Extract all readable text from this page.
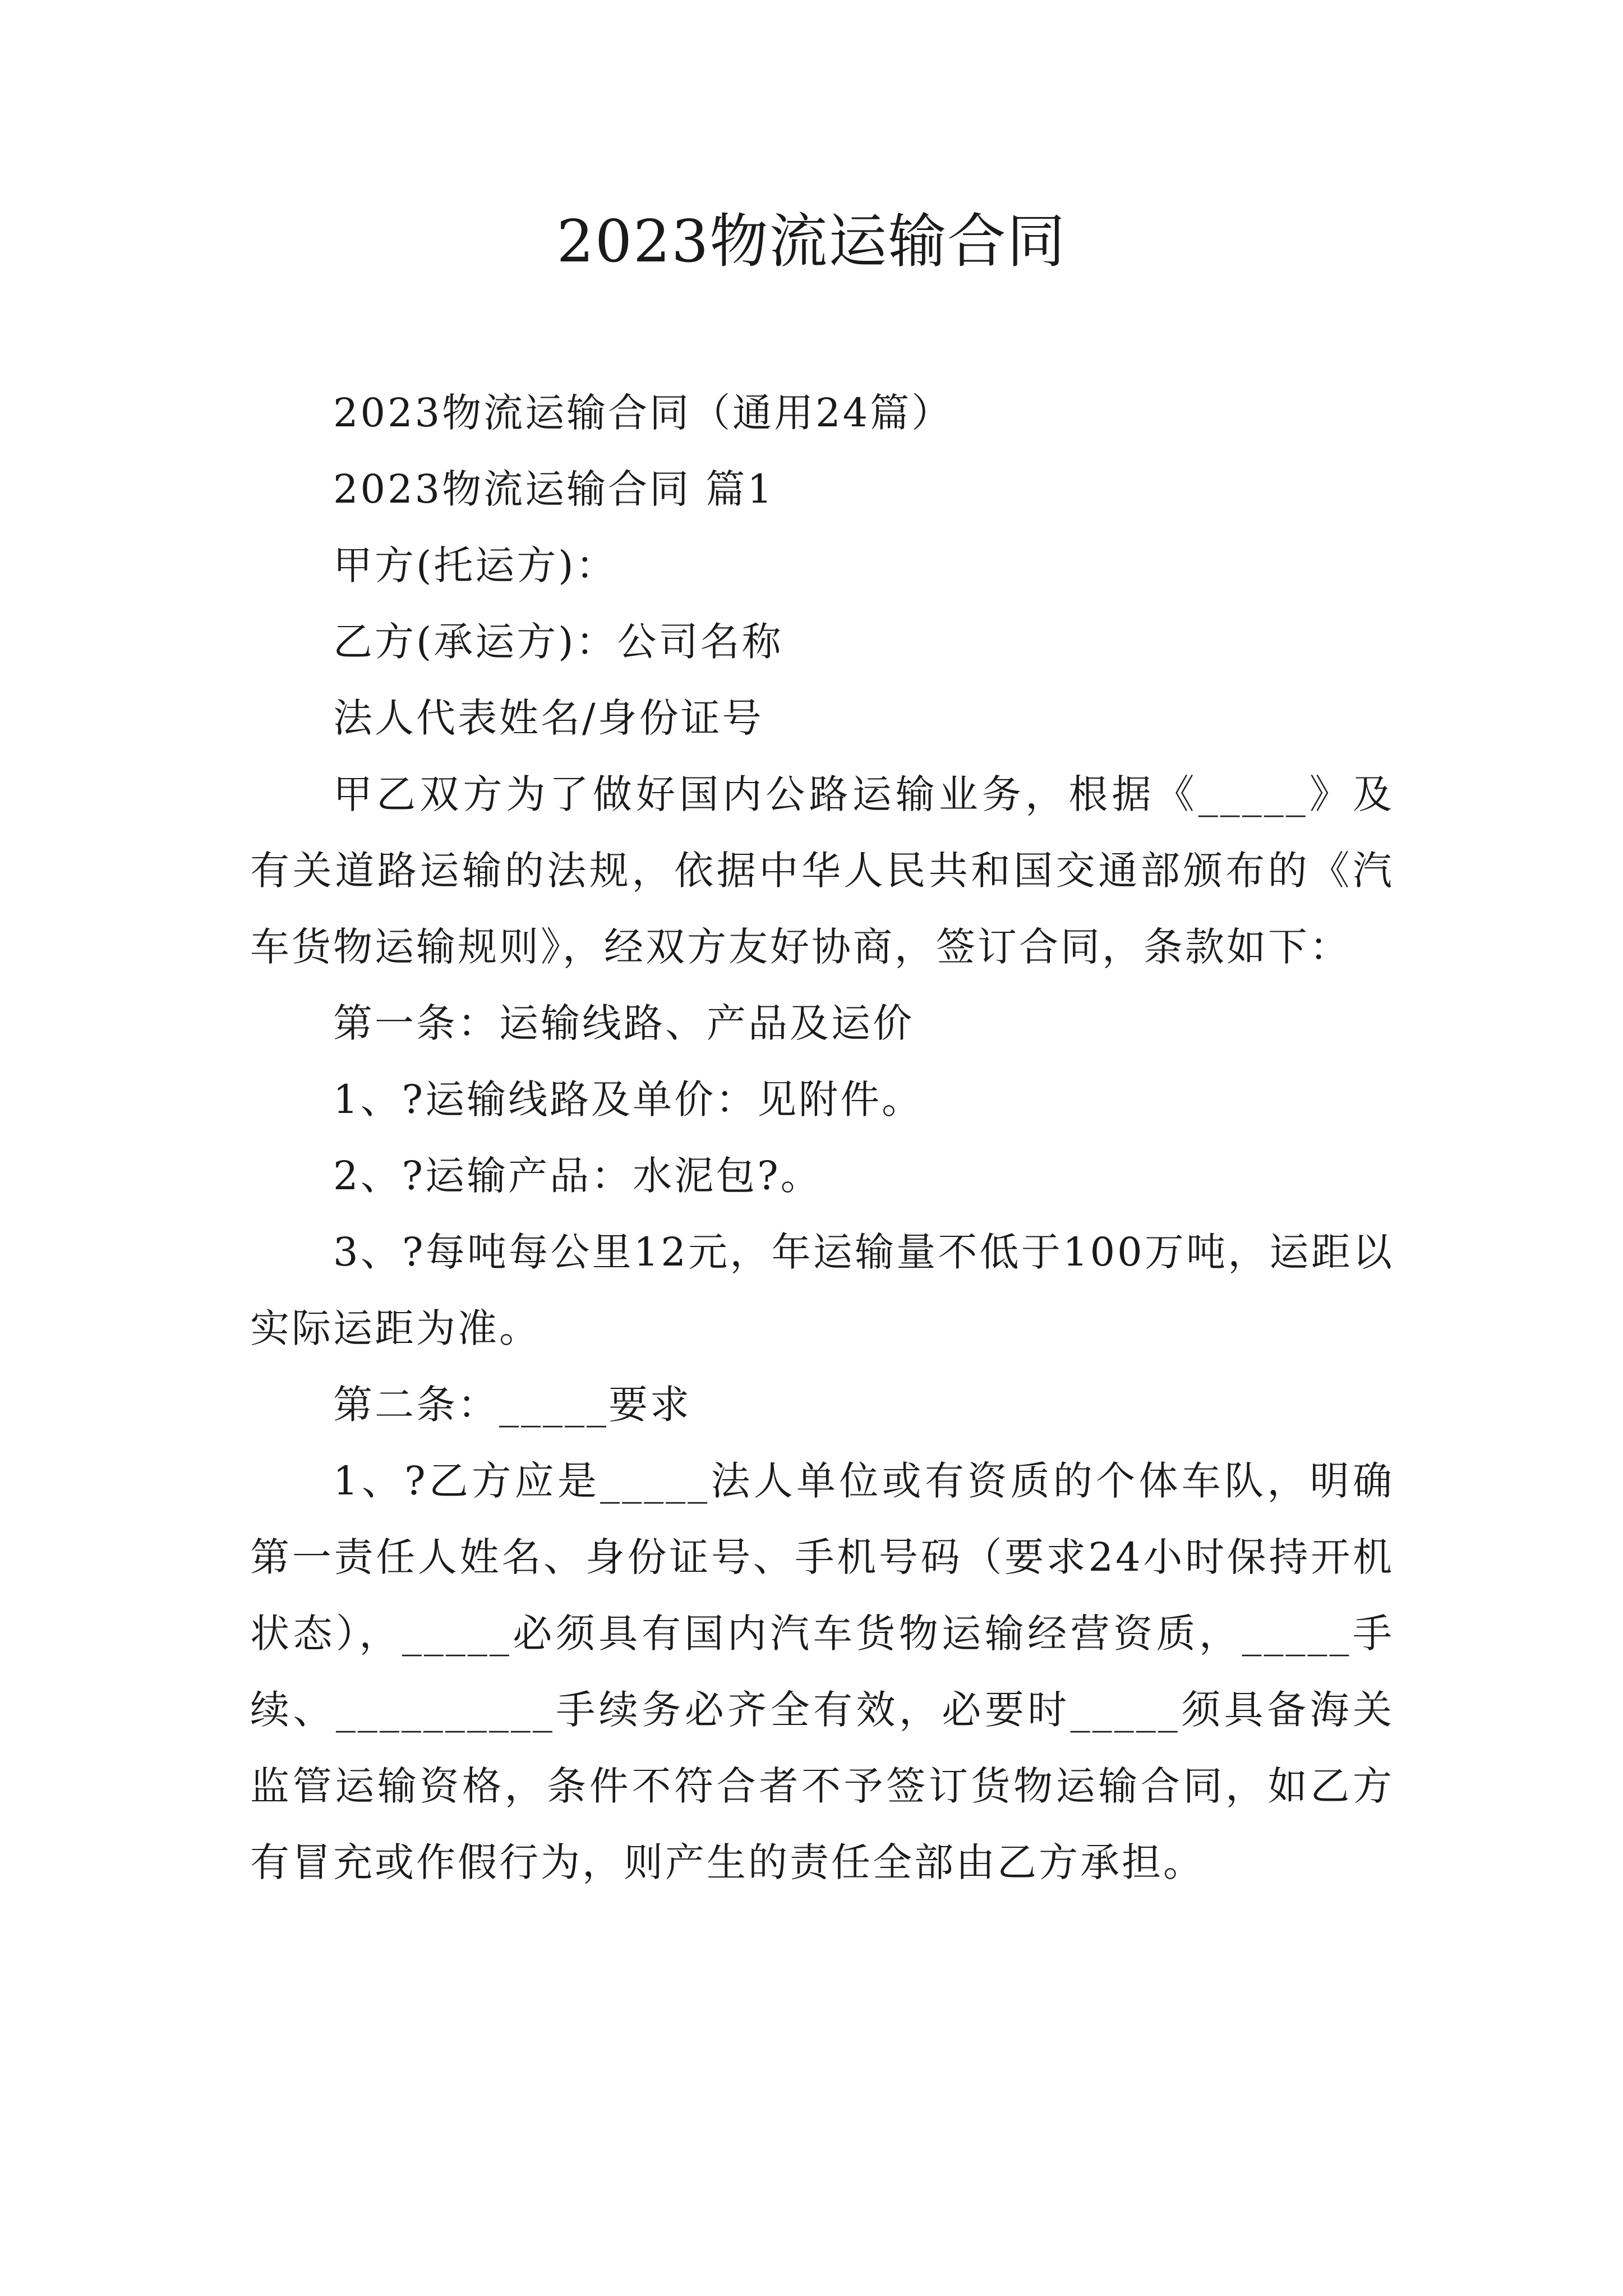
2023物流运输合同

2023物流运输合同（通用24篇）

2023物流运输合同 篇1

甲方(托运方)：

乙方(承运方)：公司名称

法人代表姓名/身份证号

甲乙双方为了做好国内公路运输业务，根据《_____》及有关道路运输的法规，依据中华人民共和国交通部颁布的《汽车货物运输规则》，经双方友好协商，签订合同，条款如下：

第一条：运输线路、产品及运价

1、?运输线路及单价：见附件。

2、?运输产品：水泥包?。

3、?每吨每公里12元，年运输量不低于100万吨，运距以实际运距为准。

第二条：_____要求

1、?乙方应是_____法人单位或有资质的个体车队，明确第一责任人姓名、身份证号、手机号码（要求24小时保持开机状态），_____必须具有国内汽车货物运输经营资质，_____手续、__________手续务必齐全有效，必要时_____须具备海关监管运输资格，条件不符合者不予签订货物运输合同，如乙方有冒充或作假行为，则产生的责任全部由乙方承担。
